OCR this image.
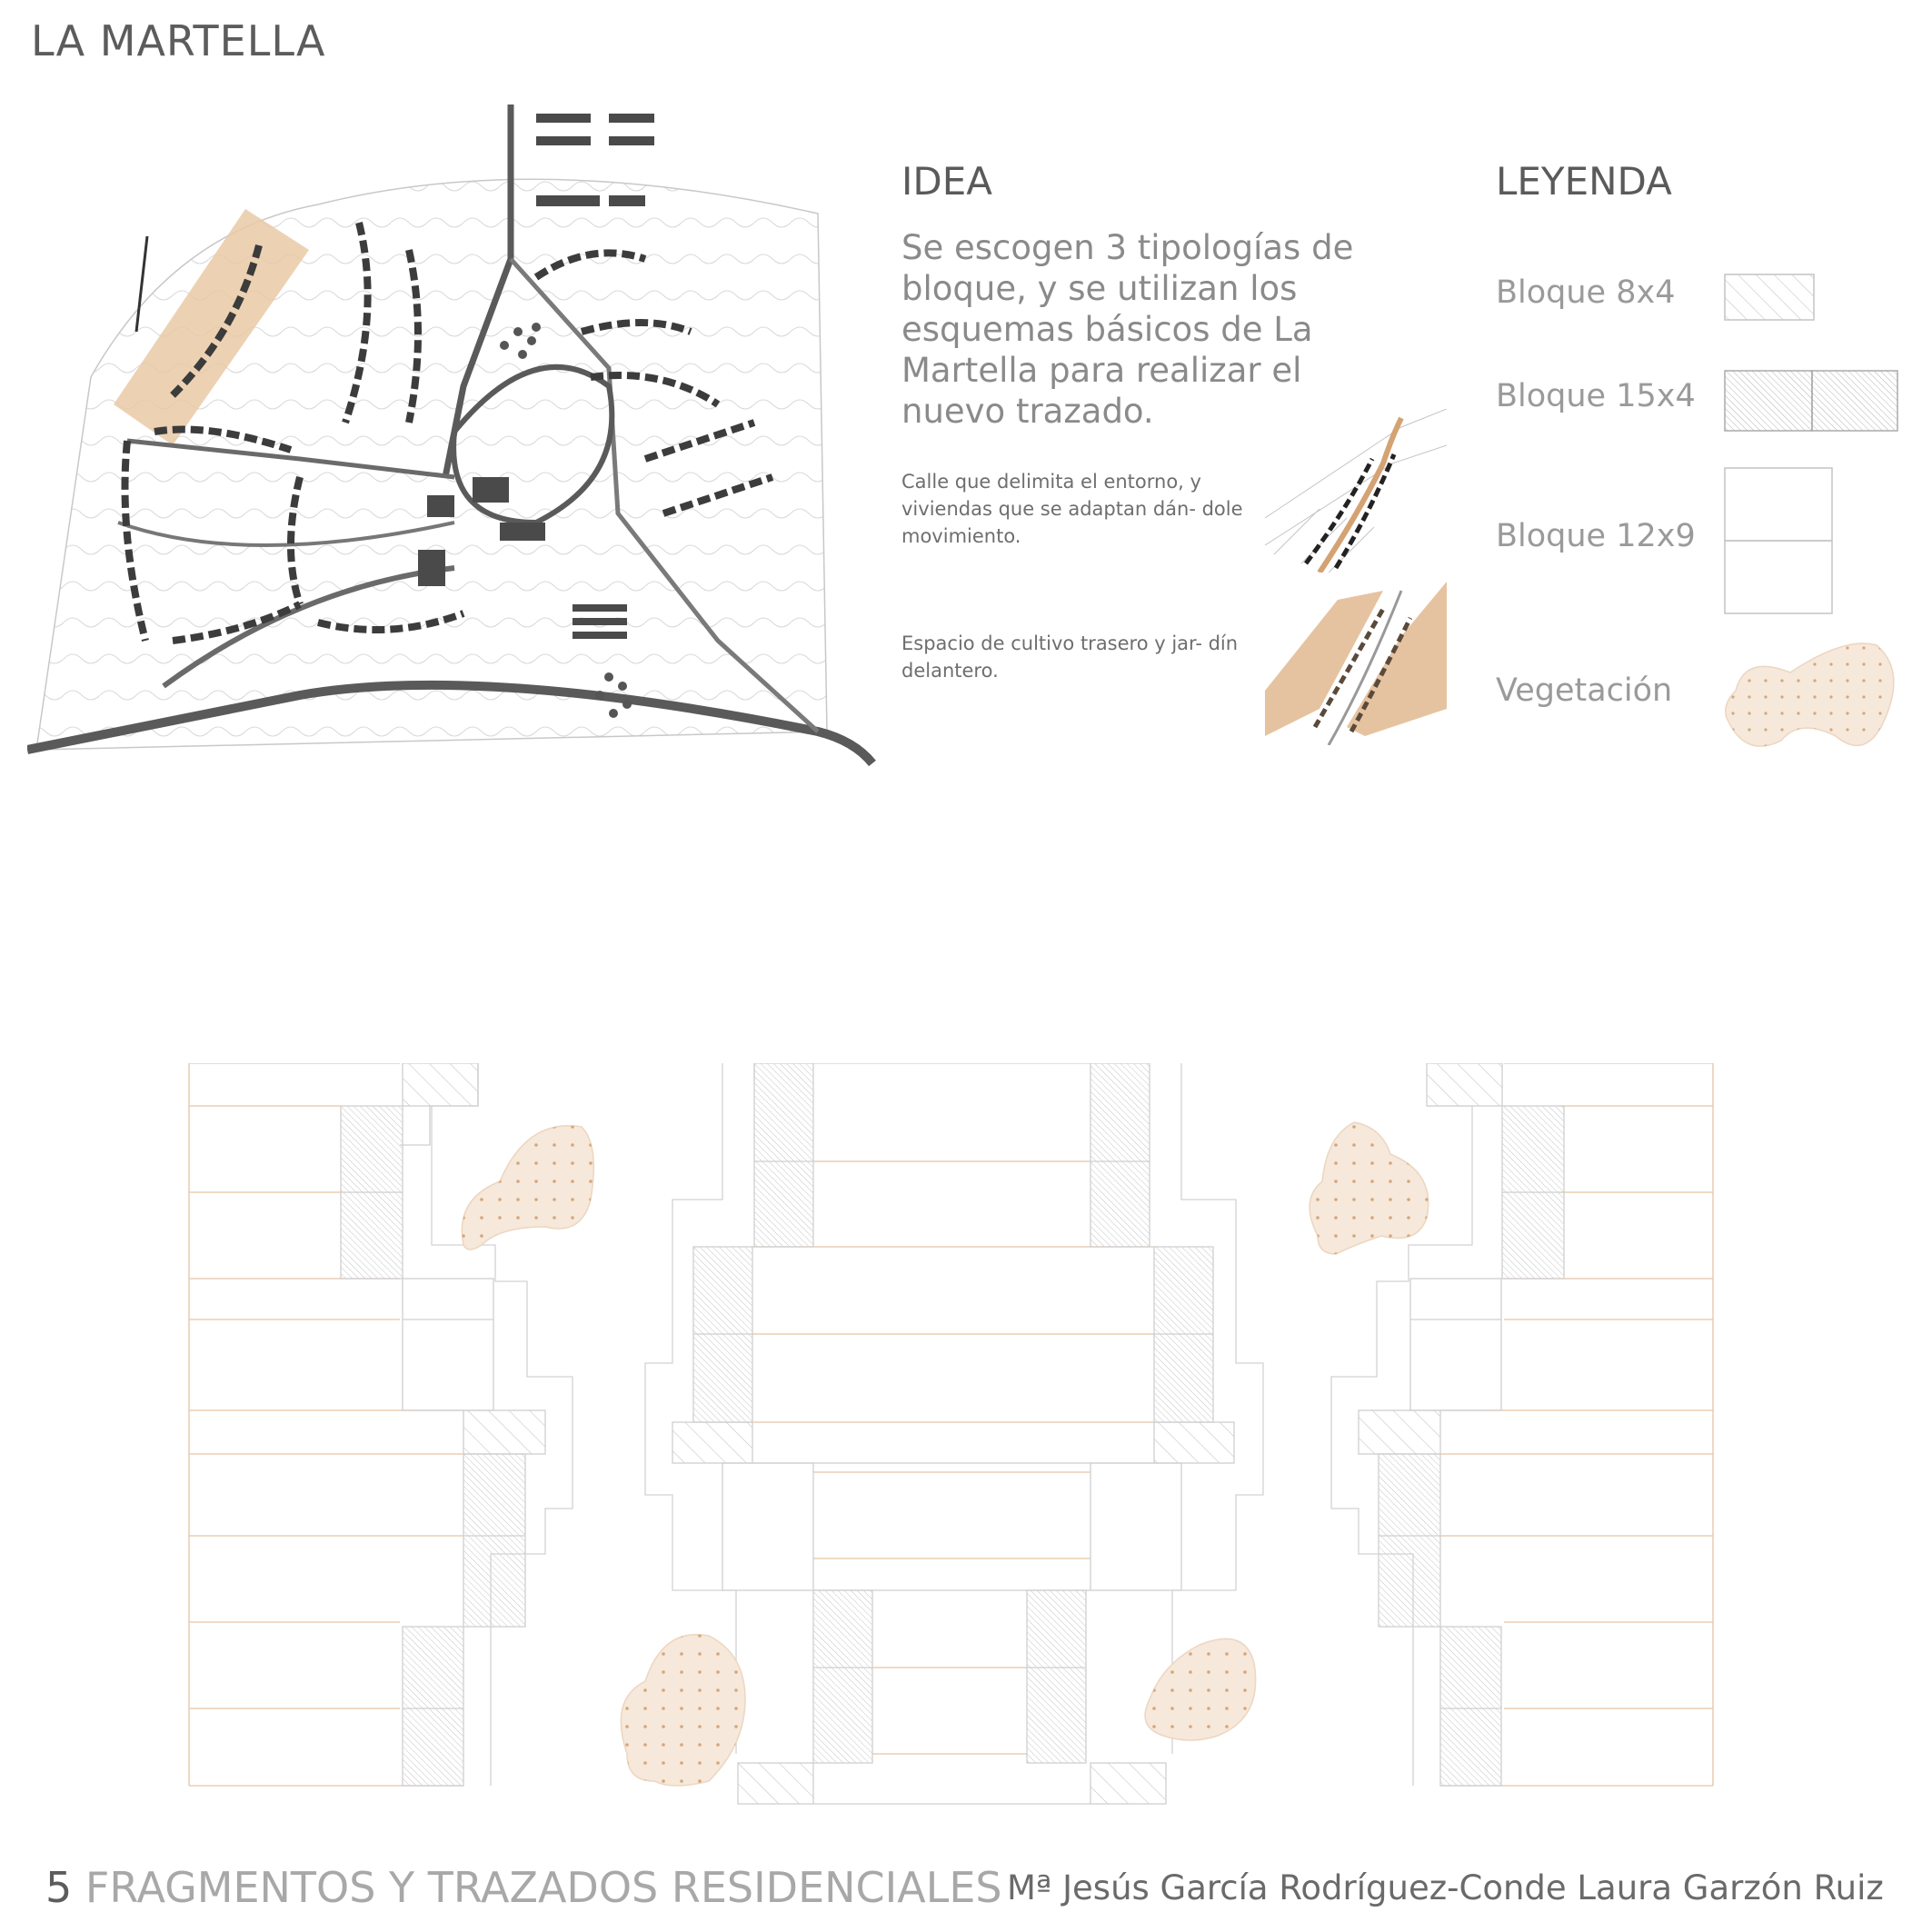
LA MARTELLA
IDEA
Se escogen 3 tipologías de bloque, y se utilizan los esquemas básicos de La Martella para realizar el nuevo trazado.
Calle que delimita el entorno, y viviendas que se adaptan dán- dole movimiento.
Espacio de cultivo trasero y jar- dín delantero.
LEYENDA
Bloque 8x4
Bloque 15x4
Bloque 12x9
Vegetación
5 FRAGMENTOS Y TRAZADOS RESIDENCIALES Mª Jesús García Rodríguez-Conde Laura Garzón Ruiz
